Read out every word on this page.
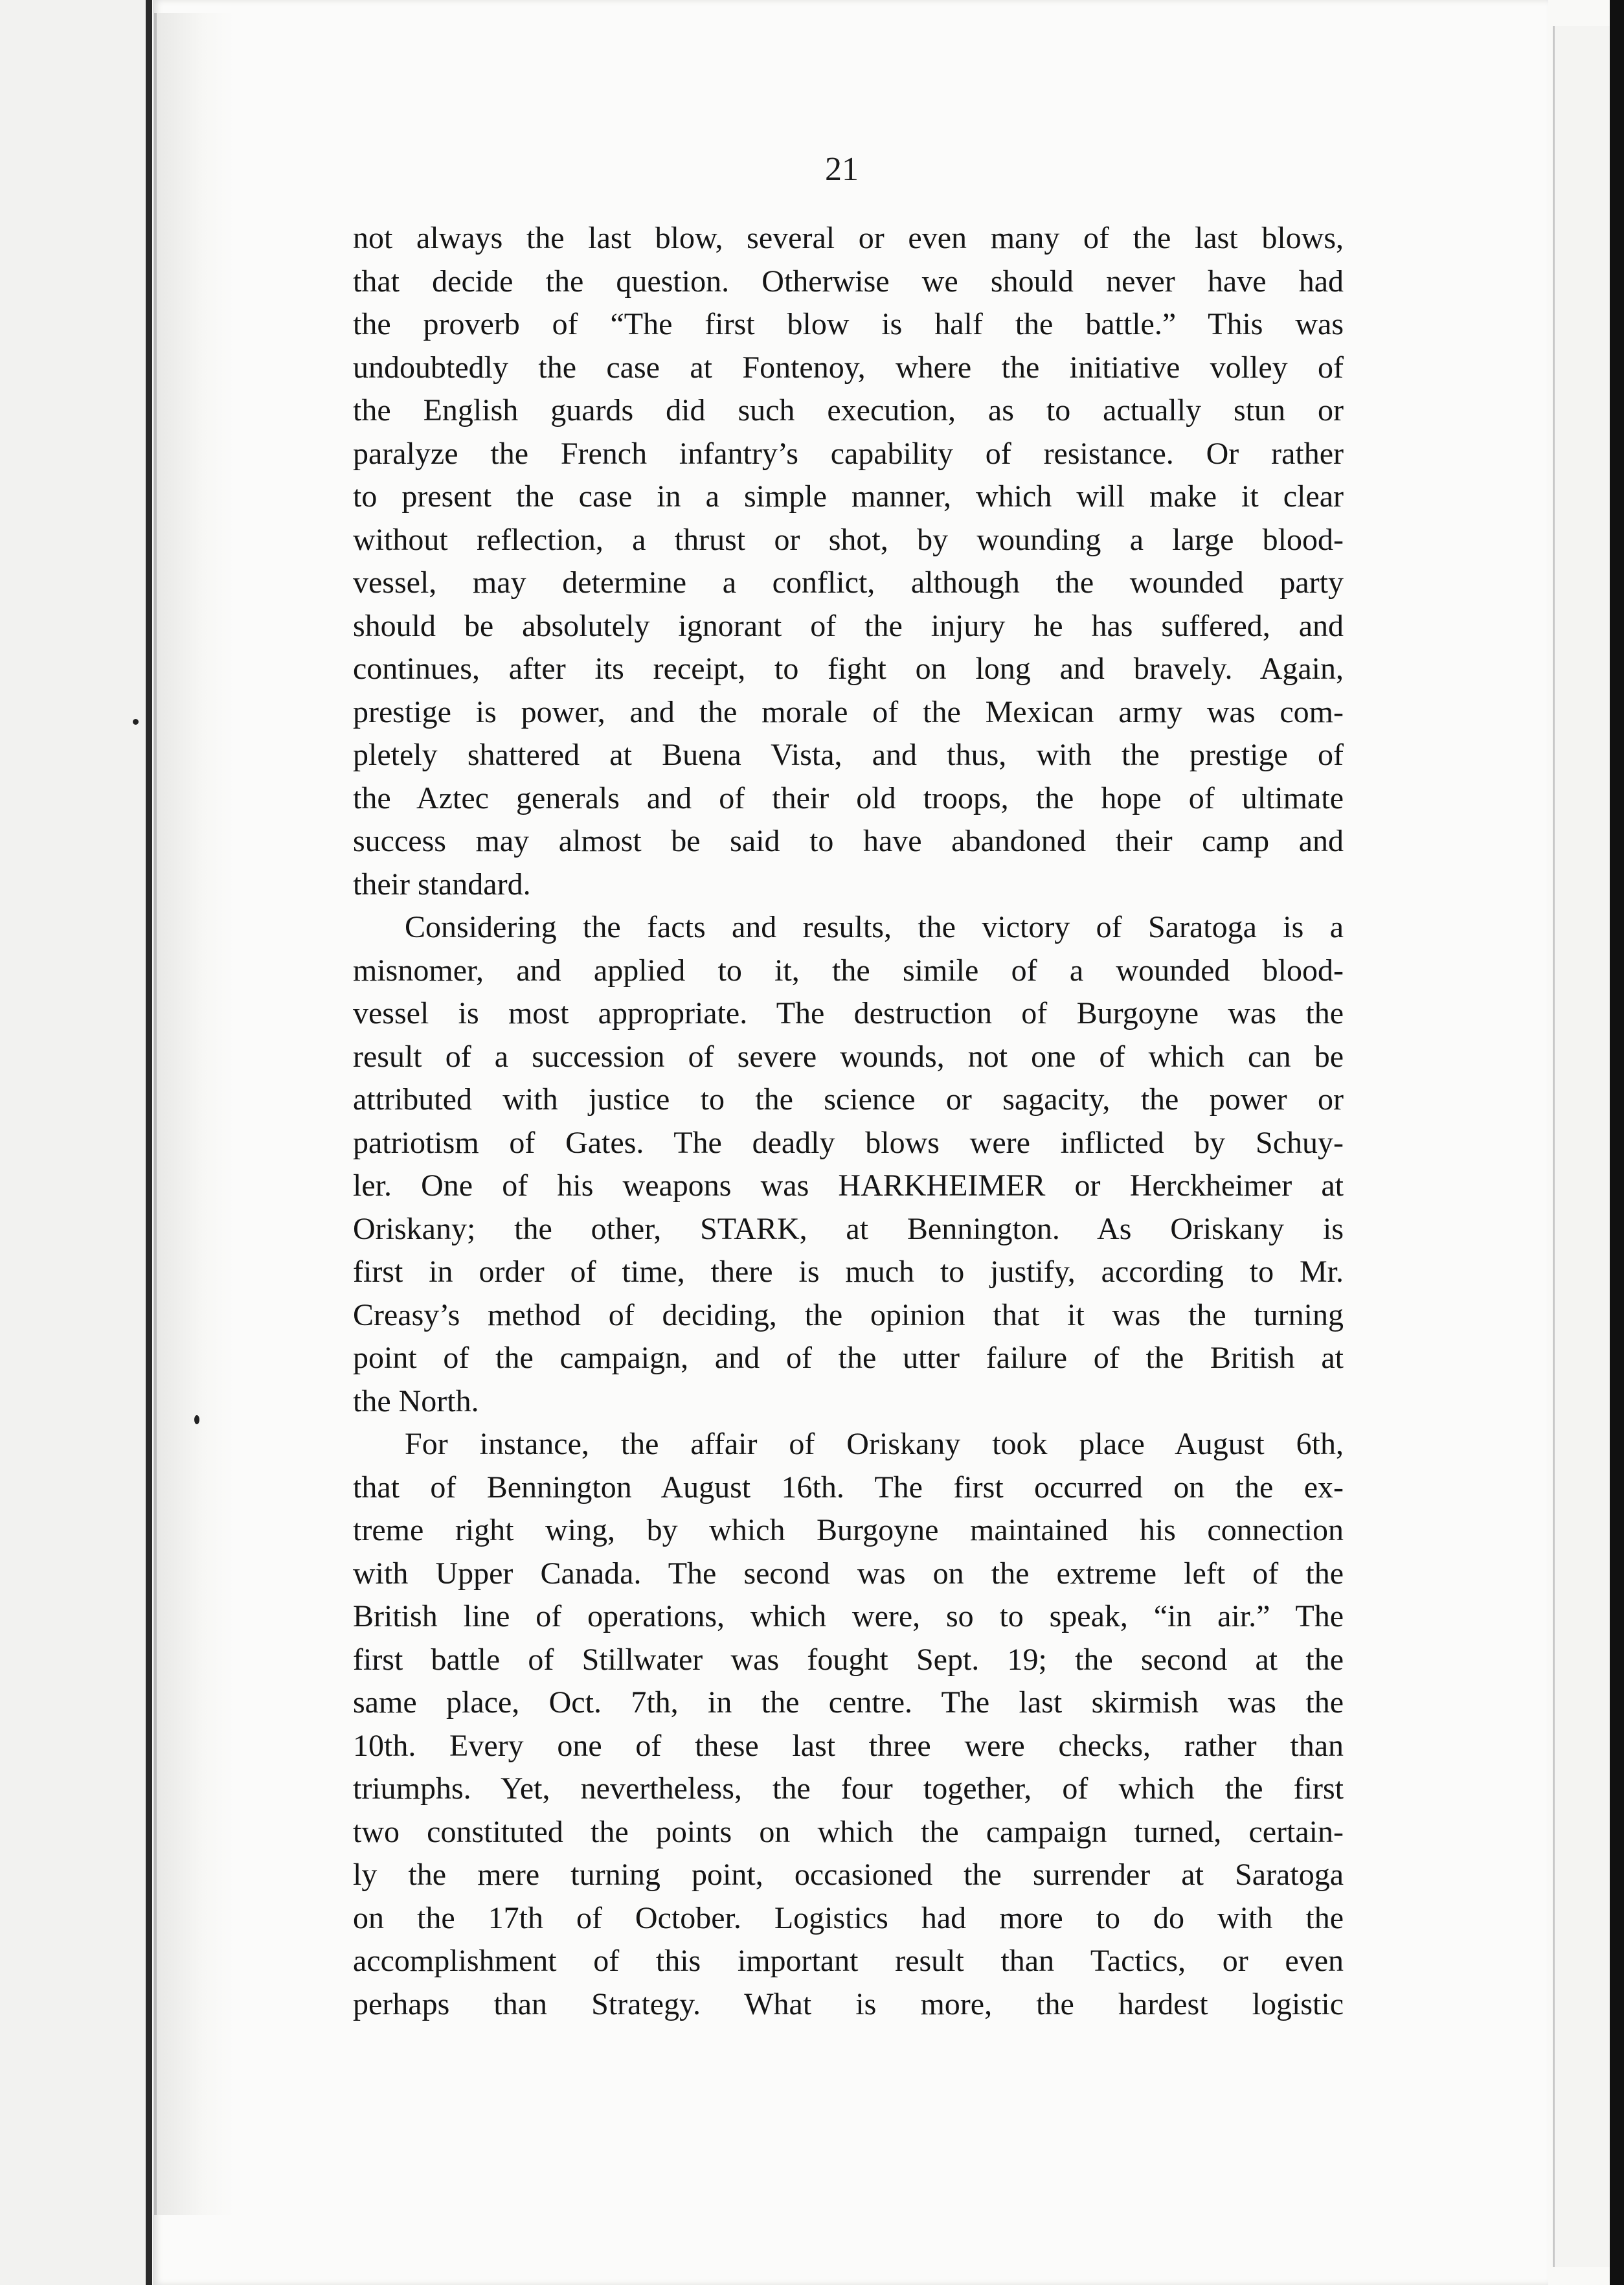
21
not always the last blow, several or even many of the last blows,
that decide the question. Otherwise we should never have had
the proverb of “The first blow is half the battle.” This was
undoubtedly the case at Fontenoy, where the initiative volley of
the English guards did such execution, as to actually stun or
paralyze the French infantry’s capability of resistance. Or rather
to present the case in a simple manner, which will make it clear
without reflection, a thrust or shot, by wounding a large blood-
vessel, may determine a conflict, although the wounded party
should be absolutely ignorant of the injury he has suffered, and
continues, after its receipt, to fight on long and bravely. Again,
prestige is power, and the morale of the Mexican army was com-
pletely shattered at Buena Vista, and thus, with the prestige of
the Aztec generals and of their old troops, the hope of ultimate
success may almost be said to have abandoned their camp and
their standard.
Considering the facts and results, the victory of Saratoga is a
misnomer, and applied to it, the simile of a wounded blood-
vessel is most appropriate. The destruction of Burgoyne was the
result of a succession of severe wounds, not one of which can be
attributed with justice to the science or sagacity, the power or
patriotism of Gates. The deadly blows were inflicted by Schuy-
ler. One of his weapons was HARKHEIMER or Herckheimer at
Oriskany; the other, STARK, at Bennington. As Oriskany is
first in order of time, there is much to justify, according to Mr.
Creasy’s method of deciding, the opinion that it was the turning
point of the campaign, and of the utter failure of the British at
the North.
For instance, the affair of Oriskany took place August 6th,
that of Bennington August 16th. The first occurred on the ex-
treme right wing, by which Burgoyne maintained his connection
with Upper Canada. The second was on the extreme left of the
British line of operations, which were, so to speak, “in air.” The
first battle of Stillwater was fought Sept. 19; the second at the
same place, Oct. 7th, in the centre. The last skirmish was the
10th. Every one of these last three were checks, rather than
triumphs. Yet, nevertheless, the four together, of which the first
two constituted the points on which the campaign turned, certain-
ly the mere turning point, occasioned the surrender at Saratoga
on the 17th of October. Logistics had more to do with the
accomplishment of this important result than Tactics, or even
perhaps than Strategy. What is more, the hardest logistic
